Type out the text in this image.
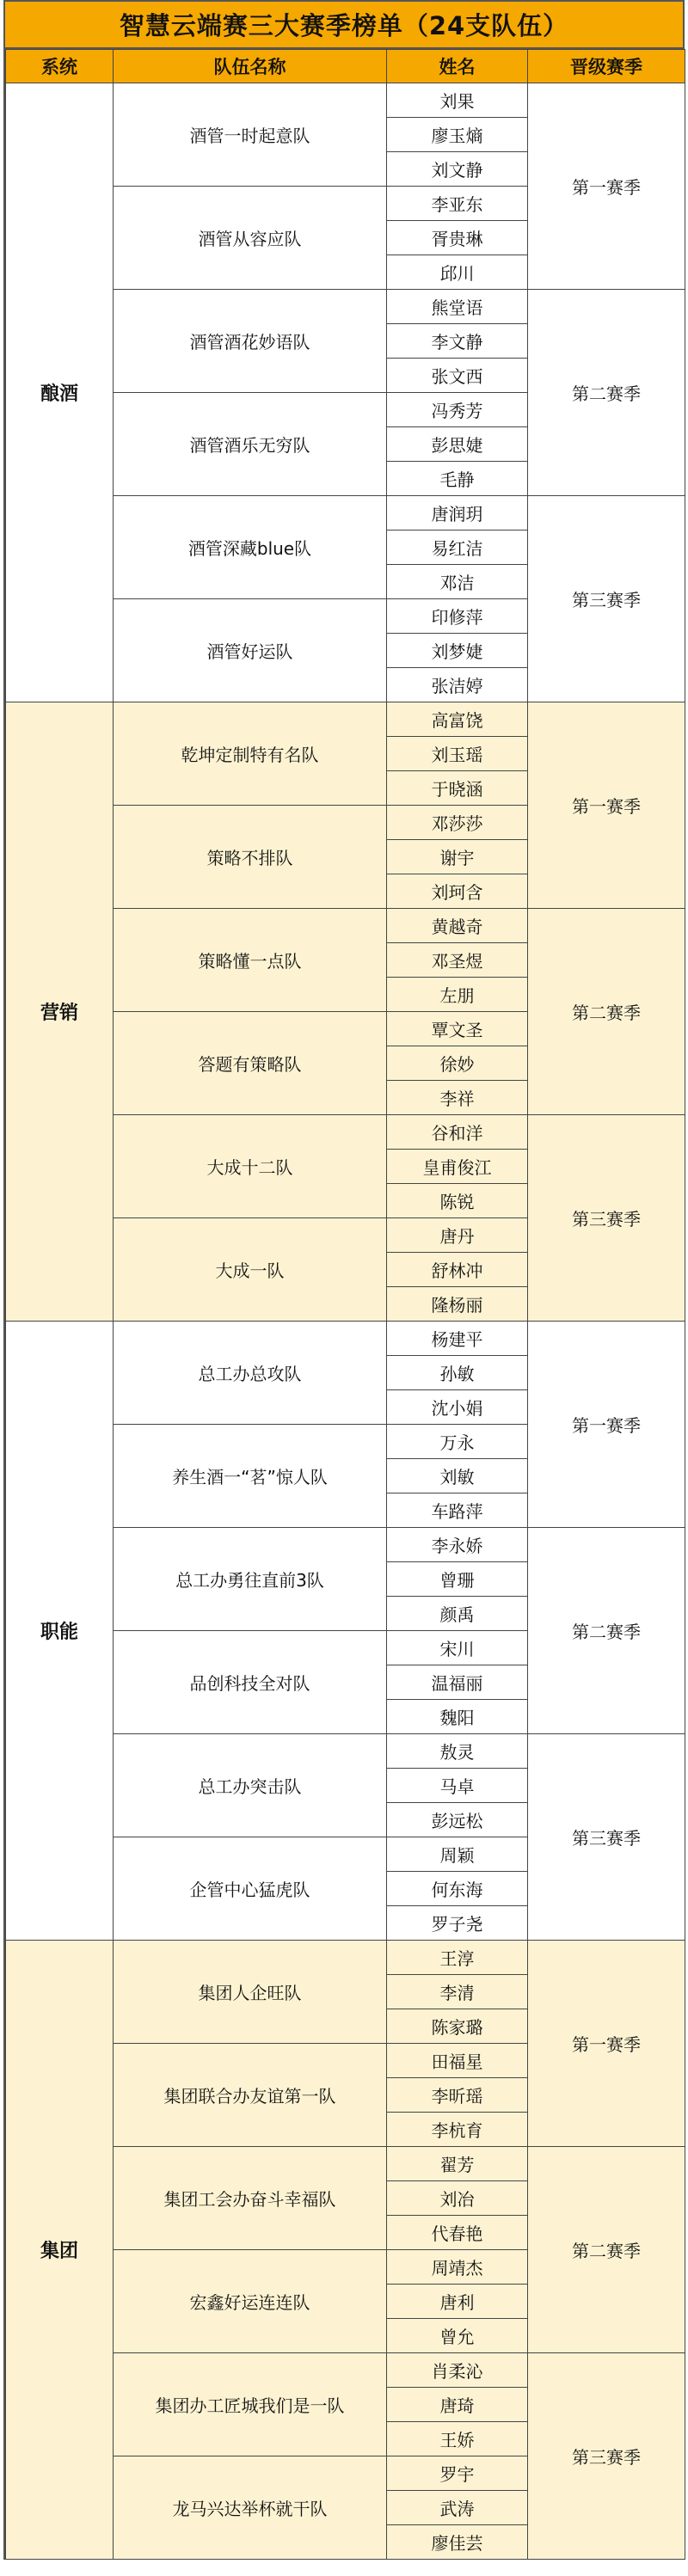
智慧云端赛三大赛季榜单（24支队伍）
系统	队伍名称	姓名	晋级赛季
酿酒	酒管一时起意队	刘果	第一赛季
		廖玉熵	
		刘文静	
	酒管从容应队	李亚东	
		胥贵琳	
		邱川	
	酒管酒花妙语队	熊堂语	第二赛季
		李文静	
		张文西	
	酒管酒乐无穷队	冯秀芳	
		彭思婕	
		毛静	
	酒管深藏blue队	唐润玥	第三赛季
		易红洁	
		邓洁	
	酒管好运队	印修萍	
		刘梦婕	
		张洁婷	
营销	乾坤定制特有名队	高富饶	第一赛季
		刘玉瑶	
		于晓涵	
	策略不排队	邓莎莎	
		谢宇	
		刘珂含	
	策略懂一点队	黄越奇	第二赛季
		邓圣煜	
		左朋	
	答题有策略队	覃文圣	
		徐妙	
		李祥	
	大成十二队	谷和洋	第三赛季
		皇甫俊江	
		陈锐	
	大成一队	唐丹	
		舒林冲	
		隆杨丽	
职能	总工办总攻队	杨建平	第一赛季
		孙敏	
		沈小娟	
	养生酒一“茗”惊人队	万永	
		刘敏	
		车路萍	
	总工办勇往直前3队	李永娇	第二赛季
		曾珊	
		颜禹	
	品创科技全对队	宋川	
		温福丽	
		魏阳	
	总工办突击队	敖灵	第三赛季
		马卓	
		彭远松	
	企管中心猛虎队	周颖	
		何东海	
		罗子尧	
集团	集团人企旺队	王淳	第一赛季
		李清	
		陈家璐	
	集团联合办友谊第一队	田福星	
		李昕瑶	
		李杭育	
	集团工会办奋斗幸福队	翟芳	第二赛季
		刘冶	
		代春艳	
	宏鑫好运连连队	周靖杰	
		唐利	
		曾允	
	集团办工匠城我们是一队	肖柔沁	第三赛季
		唐琦	
		王娇	
	龙马兴达举杯就干队	罗宇	
		武涛	
		廖佳芸	
